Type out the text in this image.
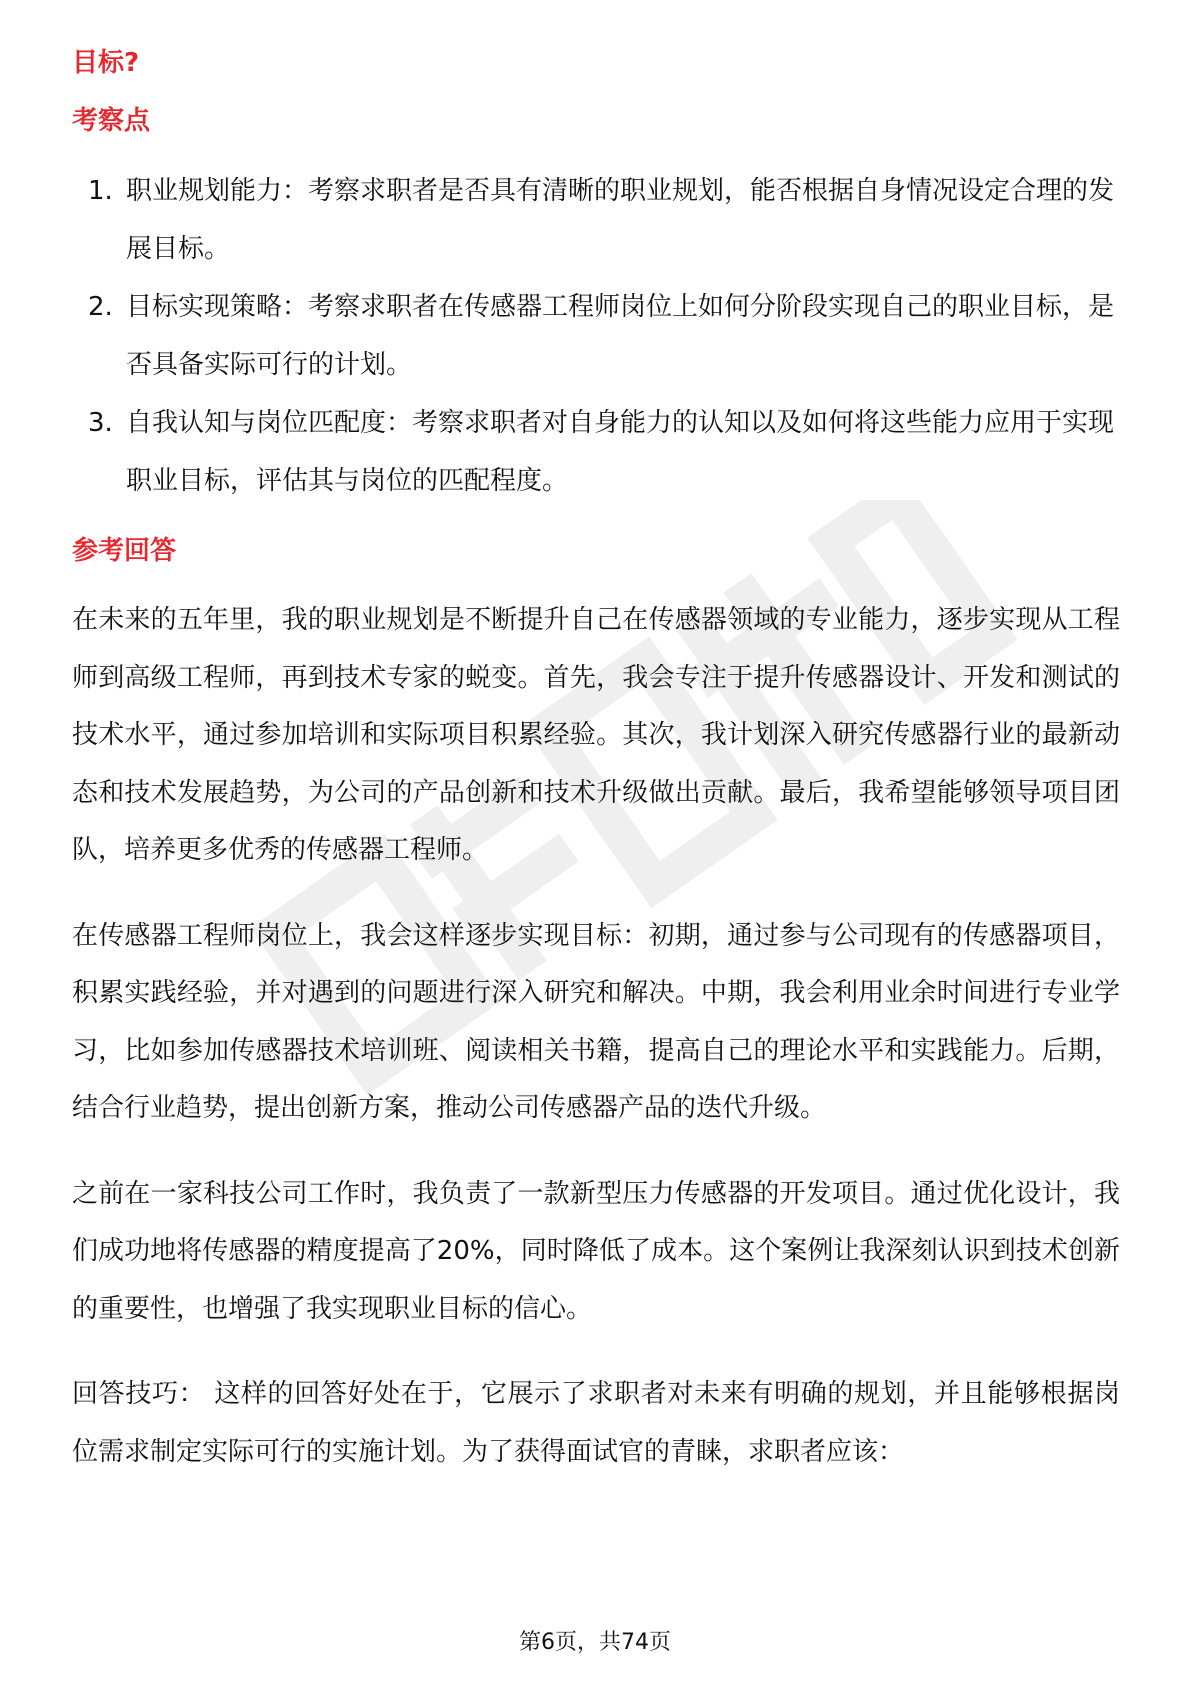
目标?
考察点
1. 职业规划能力：考察求职者是否具有清晰的职业规划，能否根据自身情况设定合理的发展目标。
2. 目标实现策略：考察求职者在传感器工程师岗位上如何分阶段实现自己的职业目标，是否具备实际可行的计划。
3. 自我认知与岗位匹配度：考察求职者对自身能力的认知以及如何将这些能力应用于实现职业目标，评估其与岗位的匹配程度。
参考回答

在未来的五年里，我的职业规划是不断提升自己在传感器领域的专业能力，逐步实现从工程师到高级工程师，再到技术专家的蜕变。首先，我会专注于提升传感器设计、开发和测试的技术水平，通过参加培训和实际项目积累经验。其次，我计划深入研究传感器行业的最新动态和技术发展趋势，为公司的产品创新和技术升级做出贡献。最后，我希望能够领导项目团队，培养更多优秀的传感器工程师。

在传感器工程师岗位上，我会这样逐步实现目标：初期，通过参与公司现有的传感器项目，积累实践经验，并对遇到的问题进行深入研究和解决。中期，我会利用业余时间进行专业学习，比如参加传感器技术培训班、阅读相关书籍，提高自己的理论水平和实践能力。后期，结合行业趋势，提出创新方案，推动公司传感器产品的迭代升级。

之前在一家科技公司工作时，我负责了一款新型压力传感器的开发项目。通过优化设计，我们成功地将传感器的精度提高了20%，同时降低了成本。这个案例让我深刻认识到技术创新的重要性，也增强了我实现职业目标的信心。

回答技巧： 这样的回答好处在于，它展示了求职者对未来有明确的规划，并且能够根据岗位需求制定实际可行的实施计划。为了获得面试官的青睐，求职者应该：

第6页，共74页
